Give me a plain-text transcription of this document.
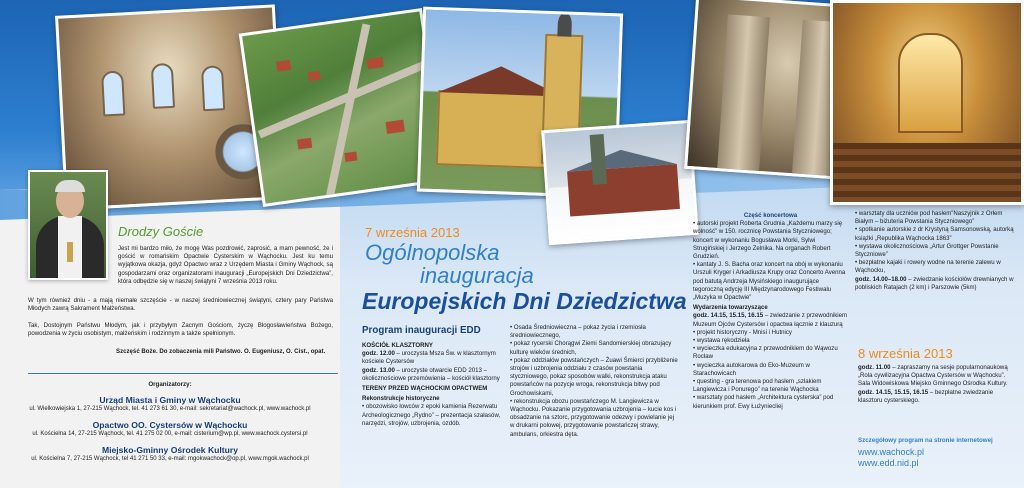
Drodzy Goście
Jest mi bardzo miło, że mogę Was pozdrowić, zaprosić, a mam pewność, że i gościć w romańskim Opactwie Cysterskim w Wąchocku. Jest ku temu wyjątkowa okazja, gdyż Opactwo wraz z Urzędem Miasta i Gminy Wąchock, są gospodarzami oraz organizatorami inauguracji „Europejskich Dni Dziedzictwa”, która odbędzie się w naszej świątyni 7 września 2013 roku.
W tym również dniu - a mają niemałe szczęście - w naszej średniowiecznej świątyni, cztery pary Państwa Młodych zawrą Sakrament Małżeństwa.
Tak, Dostojnym Państwu Młodym, jak i przybyłym Zacnym Gościom, życzę Błogosławieństwa Bożego, powodzenia w życiu osobistym, małżeńskim i rodzinnym a także spełnionym.
Szczęść Boże. Do zobaczenia mili Państwo. O. Eugeniusz, O. Cist., opat.
Organizatorzy:
Urząd Miasta i Gminy w Wąchocku
ul. Wielkowiejska 1, 27-215 Wąchock, tel. 41 273 61 30, e-mail: sekretariat@wachock.pl, www.wachock.pl
Opactwo OO. Cystersów w Wąchocku
ul. Kościelna 14, 27-215 Wąchock, tel. 41 275 02 00, e-mail: cisterium@wp.pl, www.wachock.cystersi.pl
Miejsko-Gminny Ośrodek Kultury
ul. Kościelna 7, 27-215 Wąchock, tel 41 271 50 33, e-mail: mgokwachock@op.pl, www.mgok.wachock.pl
7 września 2013
Ogólnopolska
inauguracja
Europejskich Dni Dziedzictwa
Program inauguracji EDD
KOŚCIÓŁ KLASZTORNY
godz. 12.00 – uroczysta Msza Św. w klasztornym kościele Cystersów
godz. 13.00 – uroczyste otwarcie EDD 2013 – okolicznościowe przemówienia – kościół klasztorny
TERENY PRZED WĄCHOCKIM OPACTWEM
Rekonstrukcje historyczne
• obozowisko łowców z epoki kamienia Rezerwatu Archeologicznego „Rydno” – prezentacja szałasów, narzędzi, strojów, uzbrojenia, ozdób.
• Osada Średniowieczna – pokaz życia i rzemiosła średniowiecznego,
• pokaz rycerski Chorągwi Ziemi Sandomierskiej obrazujący kulturę wieków średnich,
• pokaz oddziałów powstańczych – Żuawi Śmierci przybliżenie strojów i uzbrojenia oddziału z czasów powstania styczniowego, pokaz sposobów walki, rekonstrukcja ataku powstańców na pozycje wroga, rekonstrukcja bitwy pod Grochowiskami,
• rekonstrukcja obozu powstańczego M. Langiewicza w Wąchocku. Pokazanie przygotowania uzbrojenia – kucie kos i obsadzanie na sztorc, przygotowanie odezwy i powielanie jej w drukarni polowej, przygotowanie powstańczej strawy, ambulans, orkiestra dęta.
Część koncertowa
• autorski projekt Roberta Grudnia „Każdemu marzy się wolność” w 150. rocznicę Powstania Styczniowego; koncert w wykonaniu Bogusława Morki, Sylwi Strugińskiej i Jerzego Zelnika. Na organach Robert Grudzień.
• kantaty J. S. Bacha oraz koncert na obój w wykonaniu Urszuli Kryger i Arkadiusza Krupy oraz Concerto Avenna pod batutą Andrzeja Mysińskiego inaugurujące tegoroczną edycję III Międzynarodowego Festiwalu „Muzyka w Opactwie”
Wydarzenia towarzyszące
godz. 14.15, 15.15, 16.15 – zwiedzanie z przewodnikiem Muzeum Ojców Cystersów i opactwa łącznie z klauzurą
• projekt historyczny - Mnisi i Hutnicy
• wystawa rękodzieła
• wycieczka edukacyjna z przewodnikiem do Wąwozu Rocław
• wycieczka autokarowa do Eko-Muzeum w Starachowicach
• questing - gra terenowa pod hasłem „szlakiem Langiewicza i Ponurego” na terenie Wąchocka
• warsztaty pod hasłem „Architektura cysterska” pod kierunkiem prof. Ewy Łużyniecliej
• warsztaty dla uczniów pod hasłem”Naszyjnik z Orłem Białym – biżuteria Powstania Styczniowego”
• spotkanie autorskie z dr Krystyną Samsonowską, autorką książki „Republika Wąchocka 1863”
• wystawa okolicznościowa „Artur Grottger Powstanie Styczniowe”
• bezpłatne kajaki i rowery wodne na terenie zalewu w Wąchocku,
godz. 14.00–18.00 – zwiedzanie kościołów drewnianych w pobliskich Ratajach (2 km) i Parszowie (5km)
8 września 2013
godz. 11.00 – zapraszamy na sesje popularnonaukową „Rola cywilizacyjna Opactwa Cystersów w Wąchocku”. Sala Widowiskowa Miejsko Gminnego Ośrodka Kultury.
godz. 14.15, 15.15, 16.15 – bezpłatne zwiedzanie klasztoru cysterskiego.
Szczegółowy program na stronie internetowej
www.wachock.pl
www.edd.nid.pl
